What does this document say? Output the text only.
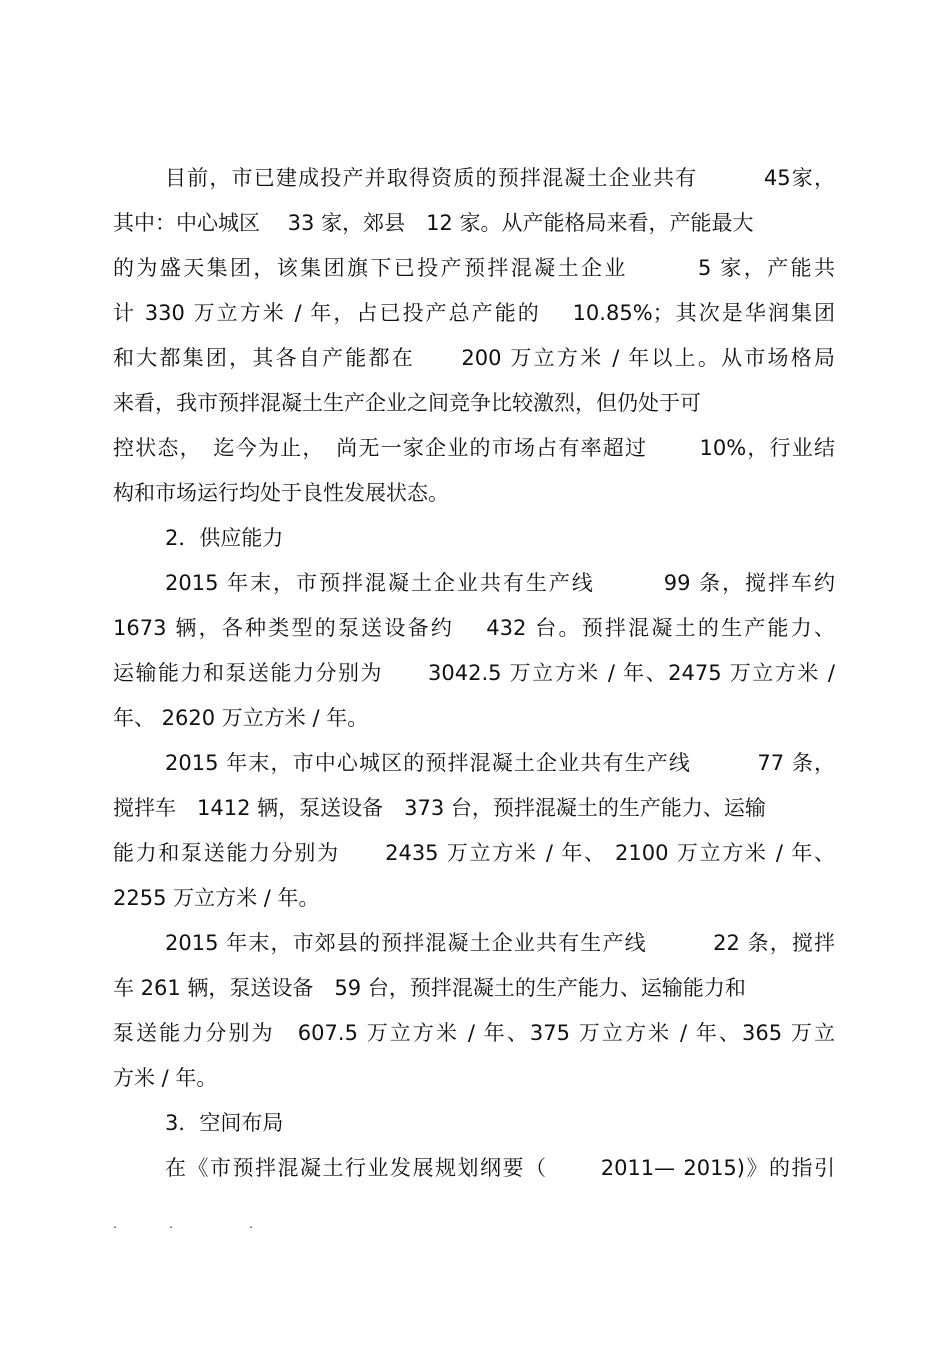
目前，市已建成投产并取得资质的预拌混凝土企业共有　　　45家，
其中：中心城区　 33 家，郊县　12 家。从产能格局来看，产能最大
的为盛天集团，该集团旗下已投产预拌混凝土企业　　　5 家，产能共
计 330 万立方米 / 年，占已投产总产能的　 10.85%；其次是华润集团
和大都集团，其各自产能都在　　200 万立方米 / 年以上。从市场格局
来看，我市预拌混凝土生产企业之间竞争比较激烈，但仍处于可
控状态，　迄今为止，　尚无一家企业的市场占有率超过　　 10%，行业结
构和市场运行均处于良性发展状态。
2．供应能力
2015 年末，市预拌混凝土企业共有生产线　　　99 条，搅拌车约
1673 辆，各种类型的泵送设备约　 432 台。预拌混凝土的生产能力、
运输能力和泵送能力分别为　　3042.5 万立方米 / 年、2475 万立方米 /
年、 2620 万立方米 / 年。
2015 年末，市中心城区的预拌混凝土企业共有生产线　　　77 条，
搅拌车　1412 辆，泵送设备　373 台，预拌混凝土的生产能力、运输
能力和泵送能力分别为　　2435 万立方米 / 年、 2100 万立方米 / 年、
2255 万立方米 / 年。
2015 年末，市郊县的预拌混凝土企业共有生产线　　　22 条，搅拌
车 261 辆，泵送设备　59 台，预拌混凝土的生产能力、运输能力和
泵送能力分别为　607.5 万立方米 / 年、375 万立方米 / 年、365 万立
方米 / 年。
3．空间布局
在《市预拌混凝土行业发展规划纲要（　　 2011— 2015)》的指引
.	.	.
